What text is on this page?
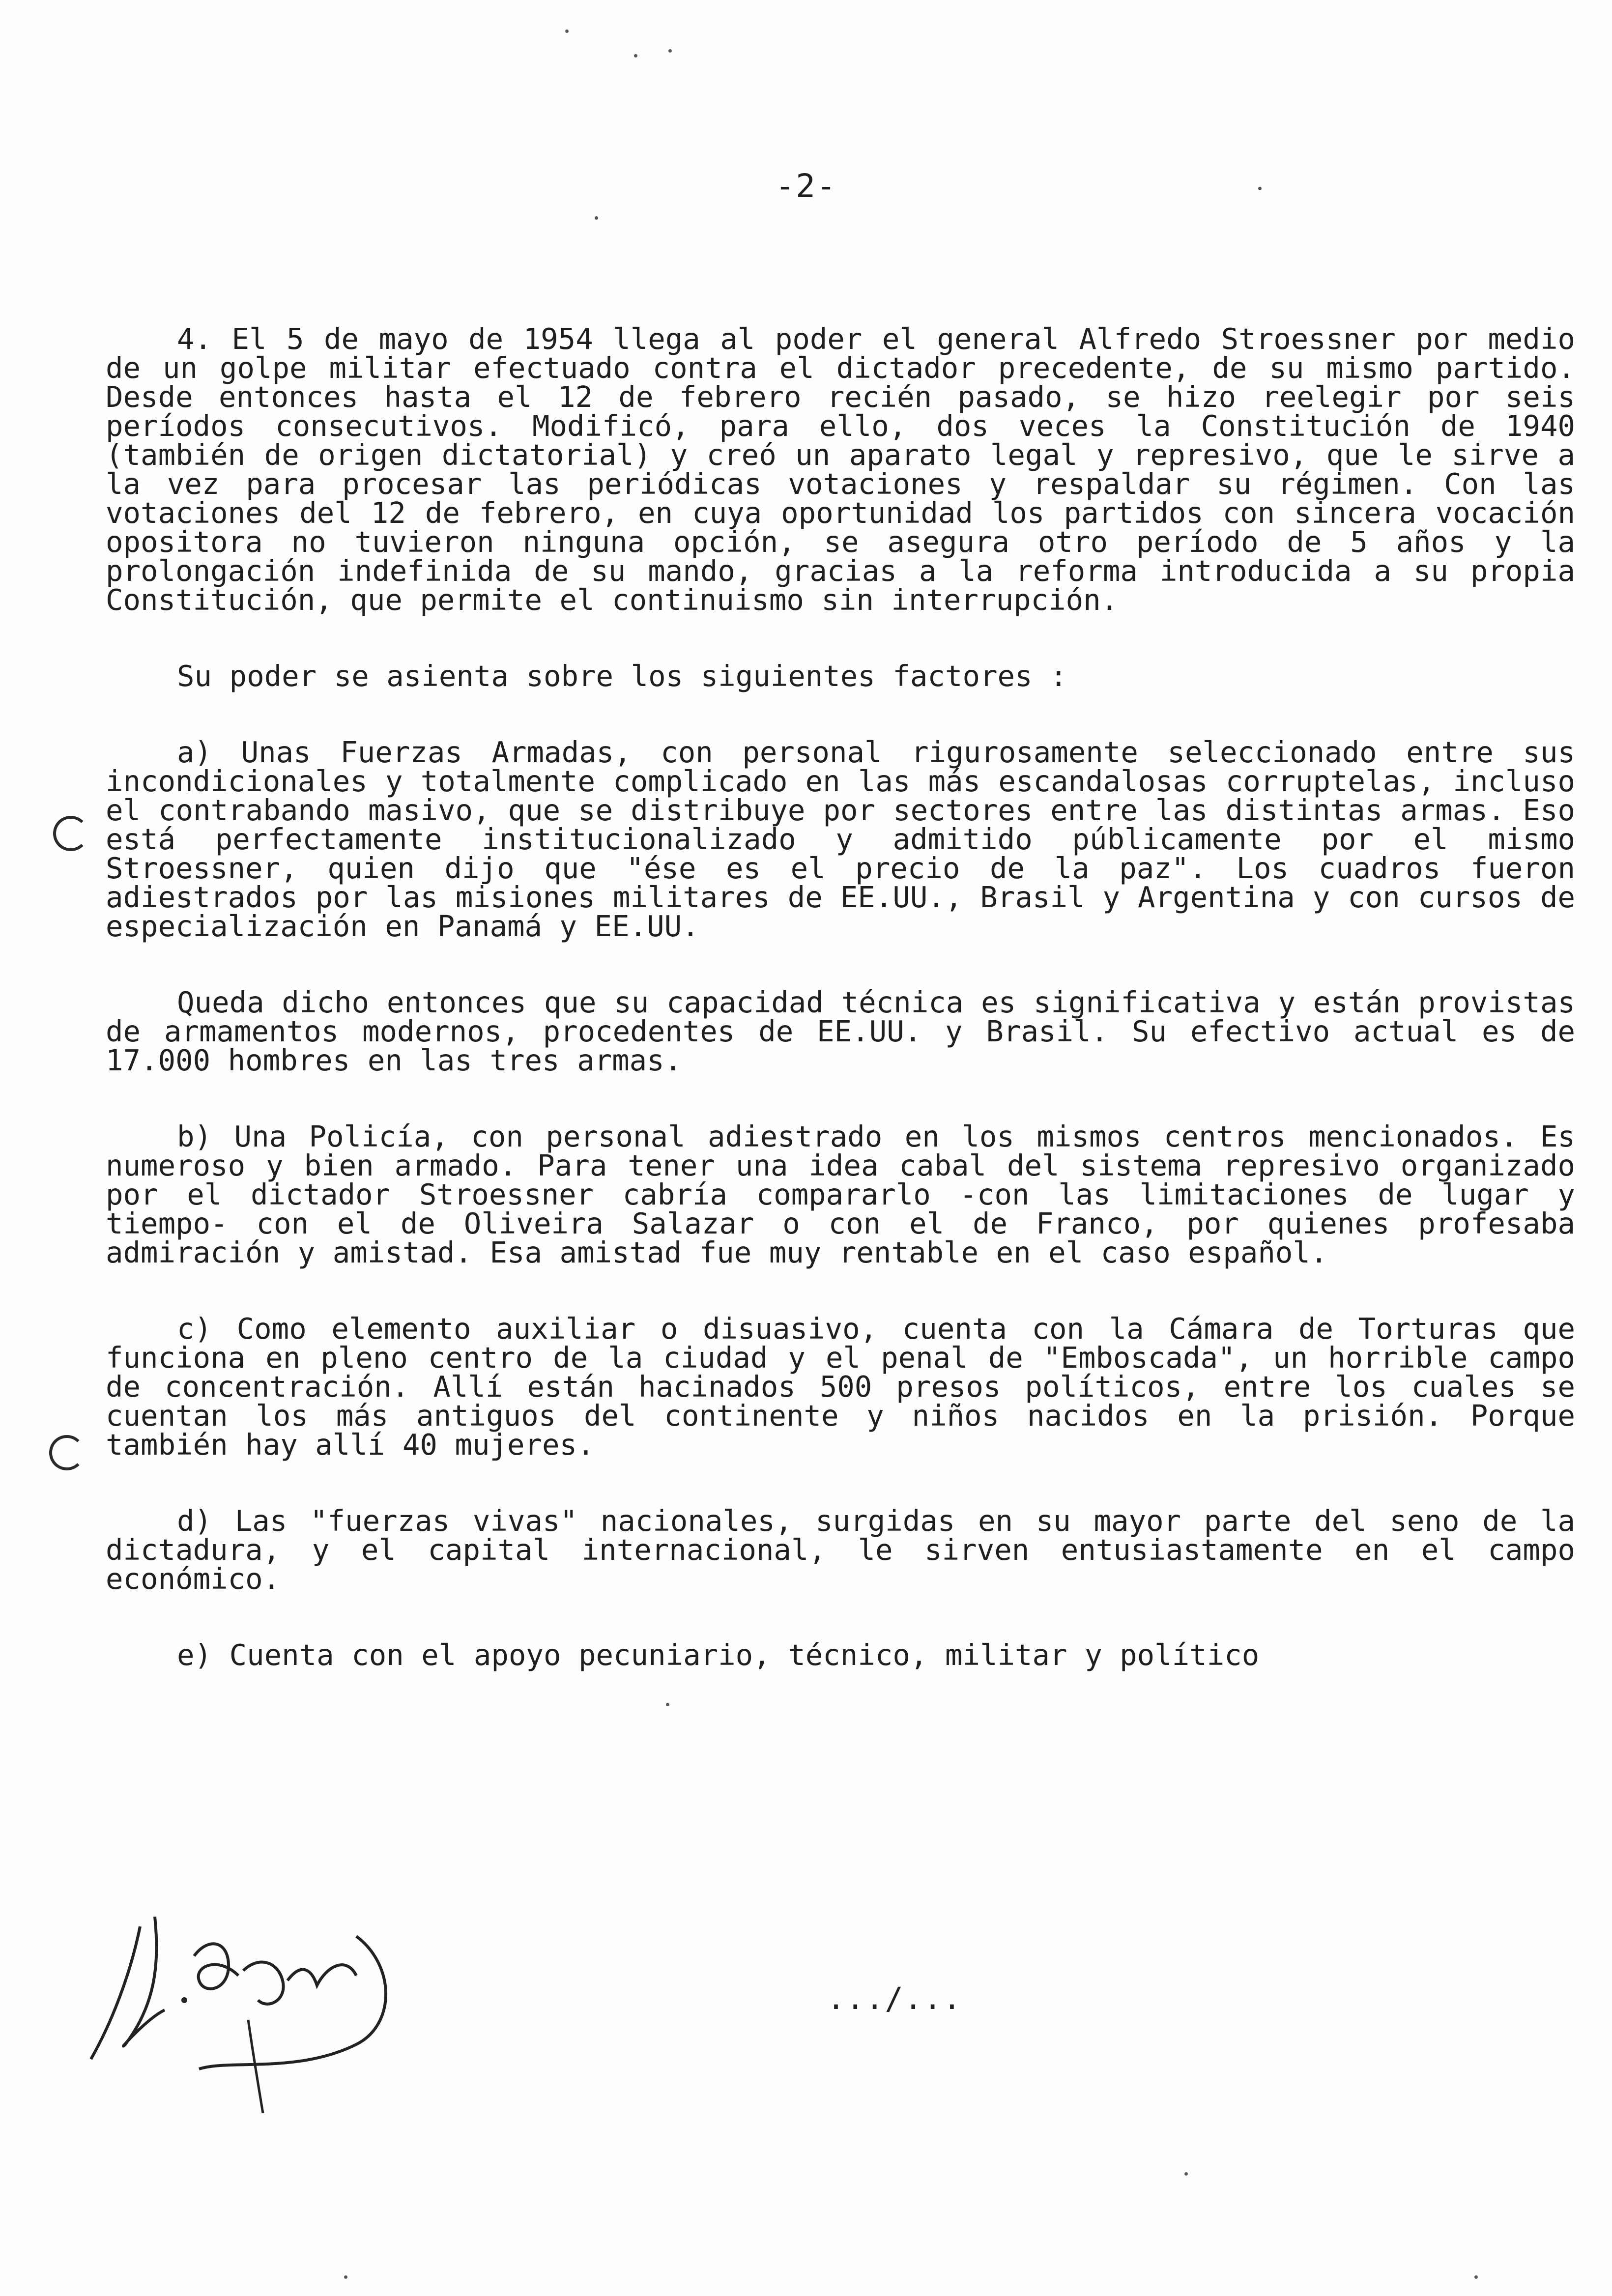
-2-

4. El 5 de mayo de 1954 llega al poder el general Alfredo Stroessner por medio de un golpe militar efectuado contra el dictador precedente, de su mismo partido. Desde entonces hasta el 12 de febrero recién pasado, se hizo reelegir por seis períodos consecutivos. Modificó, para ello, dos veces la Constitución de 1940 (también de origen dictatorial) y creó un aparato legal y represivo, que le sirve a la vez para procesar las periódicas votaciones y respaldar su régimen. Con las votaciones del 12 de febrero, en cuya oportunidad los partidos con sincera vocación opositora no tuvieron ninguna opción, se asegura otro período de 5 años y la prolongación indefinida de su mando, gracias a la reforma introducida a su propia Constitución, que permite el continuismo sin interrupción.

Su poder se asienta sobre los siguientes factores :

a) Unas Fuerzas Armadas, con personal rigurosamente seleccionado entre sus incondicionales y totalmente complicado en las más escandalosas corruptelas, incluso el contrabando masivo, que se distribuye por sectores entre las distintas armas. Eso está perfectamente institucionalizado y admitido públicamente por el mismo Stroessner, quien dijo que "ése es el precio de la paz". Los cuadros fueron adiestrados por las misiones militares de EE.UU., Brasil y Argentina y con cursos de especialización en Panamá y EE.UU.

Queda dicho entonces que su capacidad técnica es significativa y están provistas de armamentos modernos, procedentes de EE.UU. y Brasil. Su efectivo actual es de 17.000 hombres en las tres armas.

b) Una Policía, con personal adiestrado en los mismos centros mencionados. Es numeroso y bien armado. Para tener una idea cabal del sistema represivo organizado por el dictador Stroessner cabría compararlo -con las limitaciones de lugar y tiempo- con el de Oliveira Salazar o con el de Franco, por quienes profesaba admiración y amistad. Esa amistad fue muy rentable en el caso español.

c) Como elemento auxiliar o disuasivo, cuenta con la Cámara de Torturas que funciona en pleno centro de la ciudad y el penal de "Emboscada", un horrible campo de concentración. Allí están hacinados 500 presos políticos, entre los cuales se cuentan los más antiguos del continente y niños nacidos en la prisión. Porque también hay allí 40 mujeres.

d) Las "fuerzas vivas" nacionales, surgidas en su mayor parte del seno de la dictadura, y el capital internacional, le sirven entusiastamente en el campo económico.

e) Cuenta con el apoyo pecuniario, técnico, militar y político

.../...
